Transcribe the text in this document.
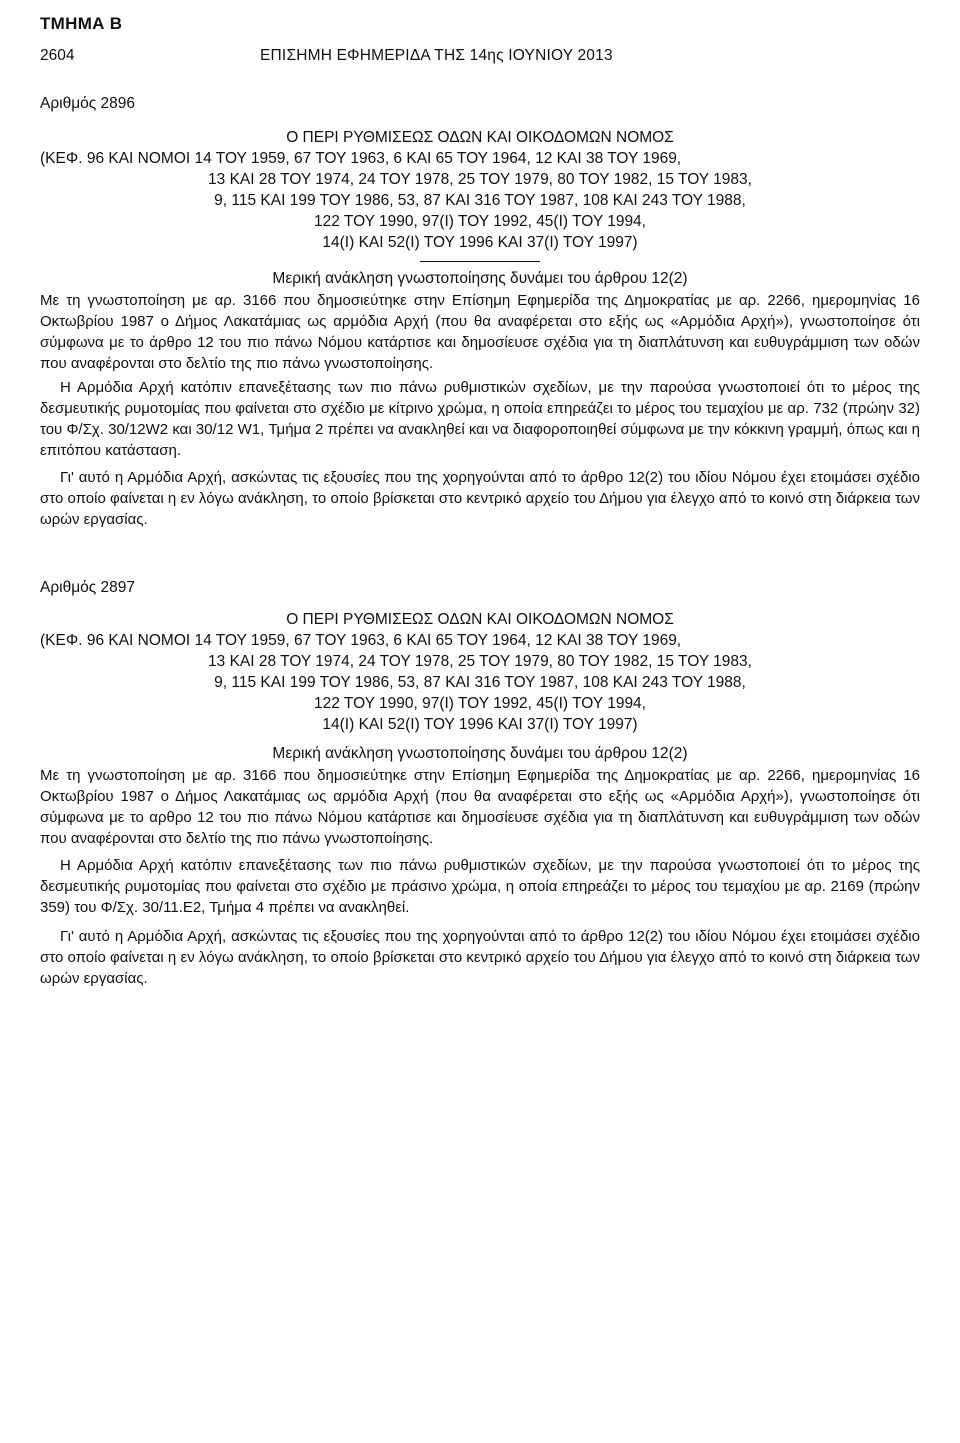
ΤΜΗΜΑ Β
2604	ΕΠΙΣΗΜΗ ΕΦΗΜΕΡΙΔΑ ΤΗΣ 14ης ΙΟΥΝΙΟΥ 2013

Αριθμός 2896

Ο ΠΕΡΙ ΡΥΘΜΙΣΕΩΣ ΟΔΩΝ ΚΑΙ ΟΙΚΟΔΟΜΩΝ ΝΟΜΟΣ

(ΚΕΦ. 96 ΚΑΙ ΝΟΜΟΙ 14 ΤΟΥ 1959, 67 ΤΟΥ 1963, 6 ΚΑΙ 65 ΤΟΥ 1964, 12 ΚΑΙ 38 ΤΟΥ 1969,

13 ΚΑΙ 28 ΤΟΥ 1974, 24 ΤΟΥ 1978, 25 ΤΟΥ 1979, 80 ΤΟΥ 1982, 15 ΤΟΥ 1983,

9, 115 ΚΑΙ 199 ΤΟΥ 1986, 53, 87 ΚΑΙ 316 ΤΟΥ 1987, 108 ΚΑΙ 243 ΤΟΥ 1988,

122 ΤΟΥ 1990, 97(Ι) ΤΟΥ 1992, 45(Ι) ΤΟΥ 1994,

14(Ι) ΚΑΙ 52(Ι) ΤΟΥ 1996 ΚΑΙ 37(Ι) ΤΟΥ 1997)

Μερική ανάκληση γνωστοποίησης δυνάμει του άρθρου 12(2)

Με τη γνωστοποίηση με αρ. 3166 που δημοσιεύτηκε στην Επίσημη Εφημερίδα της Δημοκρατίας με αρ. 2266, ημερομηνίας 16 Οκτωβρίου 1987 ο Δήμος Λακατάμιας ως αρμόδια Αρχή (που θα αναφέρεται στο εξής ως «Αρμόδια Αρχή»), γνωστοποίησε ότι σύμφωνα με το άρθρο 12 του πιο πάνω Νόμου κατάρτισε και δημοσίευσε σχέδια για τη διαπλάτυνση και ευθυγράμμιση των οδών που αναφέρονται στο δελτίο της πιο πάνω γνωστοποίησης.

Η Αρμόδια Αρχή κατόπιν επανεξέτασης των πιο πάνω ρυθμιστικών σχεδίων, με την παρούσα γνωστοποιεί ότι το μέρος της δεσμευτικής ρυμοτομίας που φαίνεται στο σχέδιο με κίτρινο χρώμα, η οποία επηρεάζει το μέρος του τεμαχίου με αρ. 732 (πρώην 32) του Φ/Σχ. 30/12W2 και 30/12 W1, Τμήμα 2 πρέπει να ανακληθεί και να διαφοροποιηθεί σύμφωνα με την κόκκινη γραμμή, όπως και η επιτόπου κατάσταση.

Γι' αυτό η Αρμόδια Αρχή, ασκώντας τις εξουσίες που της χορηγούνται από το άρθρο 12(2) του ιδίου Νόμου έχει ετοιμάσει σχέδιο στο οποίο φαίνεται η εν λόγω ανάκληση, το οποίο βρίσκεται στο κεντρικό αρχείο του Δήμου για έλεγχο από το κοινό στη διάρκεια των ωρών εργασίας.

Αριθμός 2897

Ο ΠΕΡΙ ΡΥΘΜΙΣΕΩΣ ΟΔΩΝ ΚΑΙ ΟΙΚΟΔΟΜΩΝ ΝΟΜΟΣ

(ΚΕΦ. 96 ΚΑΙ ΝΟΜΟΙ 14 ΤΟΥ 1959, 67 ΤΟΥ 1963, 6 ΚΑΙ 65 ΤΟΥ 1964, 12 ΚΑΙ 38 ΤΟΥ 1969,

13 ΚΑΙ 28 ΤΟΥ 1974, 24 ΤΟΥ 1978, 25 ΤΟΥ 1979, 80 ΤΟΥ 1982, 15 ΤΟΥ 1983,

9, 115 ΚΑΙ 199 ΤΟΥ 1986, 53, 87 ΚΑΙ 316 ΤΟΥ 1987, 108 ΚΑΙ 243 ΤΟΥ 1988,

122 ΤΟΥ 1990, 97(Ι) ΤΟΥ 1992, 45(Ι) ΤΟΥ 1994,

14(Ι) ΚΑΙ 52(Ι) ΤΟΥ 1996 ΚΑΙ 37(Ι) ΤΟΥ 1997)

Μερική ανάκληση γνωστοποίησης δυνάμει του άρθρου 12(2)

Με τη γνωστοποίηση με αρ. 3166 που δημοσιεύτηκε στην Επίσημη Εφημερίδα της Δημοκρατίας με αρ. 2266, ημερομηνίας 16 Οκτωβρίου 1987 ο Δήμος Λακατάμιας ως αρμόδια Αρχή (που θα αναφέρεται στο εξής ως «Αρμόδια Αρχή»), γνωστοποίησε ότι σύμφωνα με το αρθρο 12 του πιο πάνω Νόμου κατάρτισε και δημοσίευσε σχέδια για τη διαπλάτυνση και ευθυγράμμιση των οδών που αναφέρονται στο δελτίο της πιο πάνω γνωστοποίησης.

Η Αρμόδια Αρχή κατόπιν επανεξέτασης των πιο πάνω ρυθμιστικών σχεδίων, με την παρούσα γνωστοποιεί ότι το μέρος της δεσμευτικής ρυμοτομίας που φαίνεται στο σχέδιο με πράσινο χρώμα, η οποία επηρεάζει το μέρος του τεμαχίου με αρ. 2169 (πρώην 359) του Φ/Σχ. 30/11.Ε2, Τμήμα 4 πρέπει να ανακληθεί.

Γι' αυτό η Αρμόδια Αρχή, ασκώντας τις εξουσίες που της χορηγούνται από το άρθρο 12(2) του ιδίου Νόμου έχει ετοιμάσει σχέδιο στο οποίο φαίνεται η εν λόγω ανάκληση, το οποίο βρίσκεται στο κεντρικό αρχείο του Δήμου για έλεγχο από το κοινό στη διάρκεια των ωρών εργασίας.
